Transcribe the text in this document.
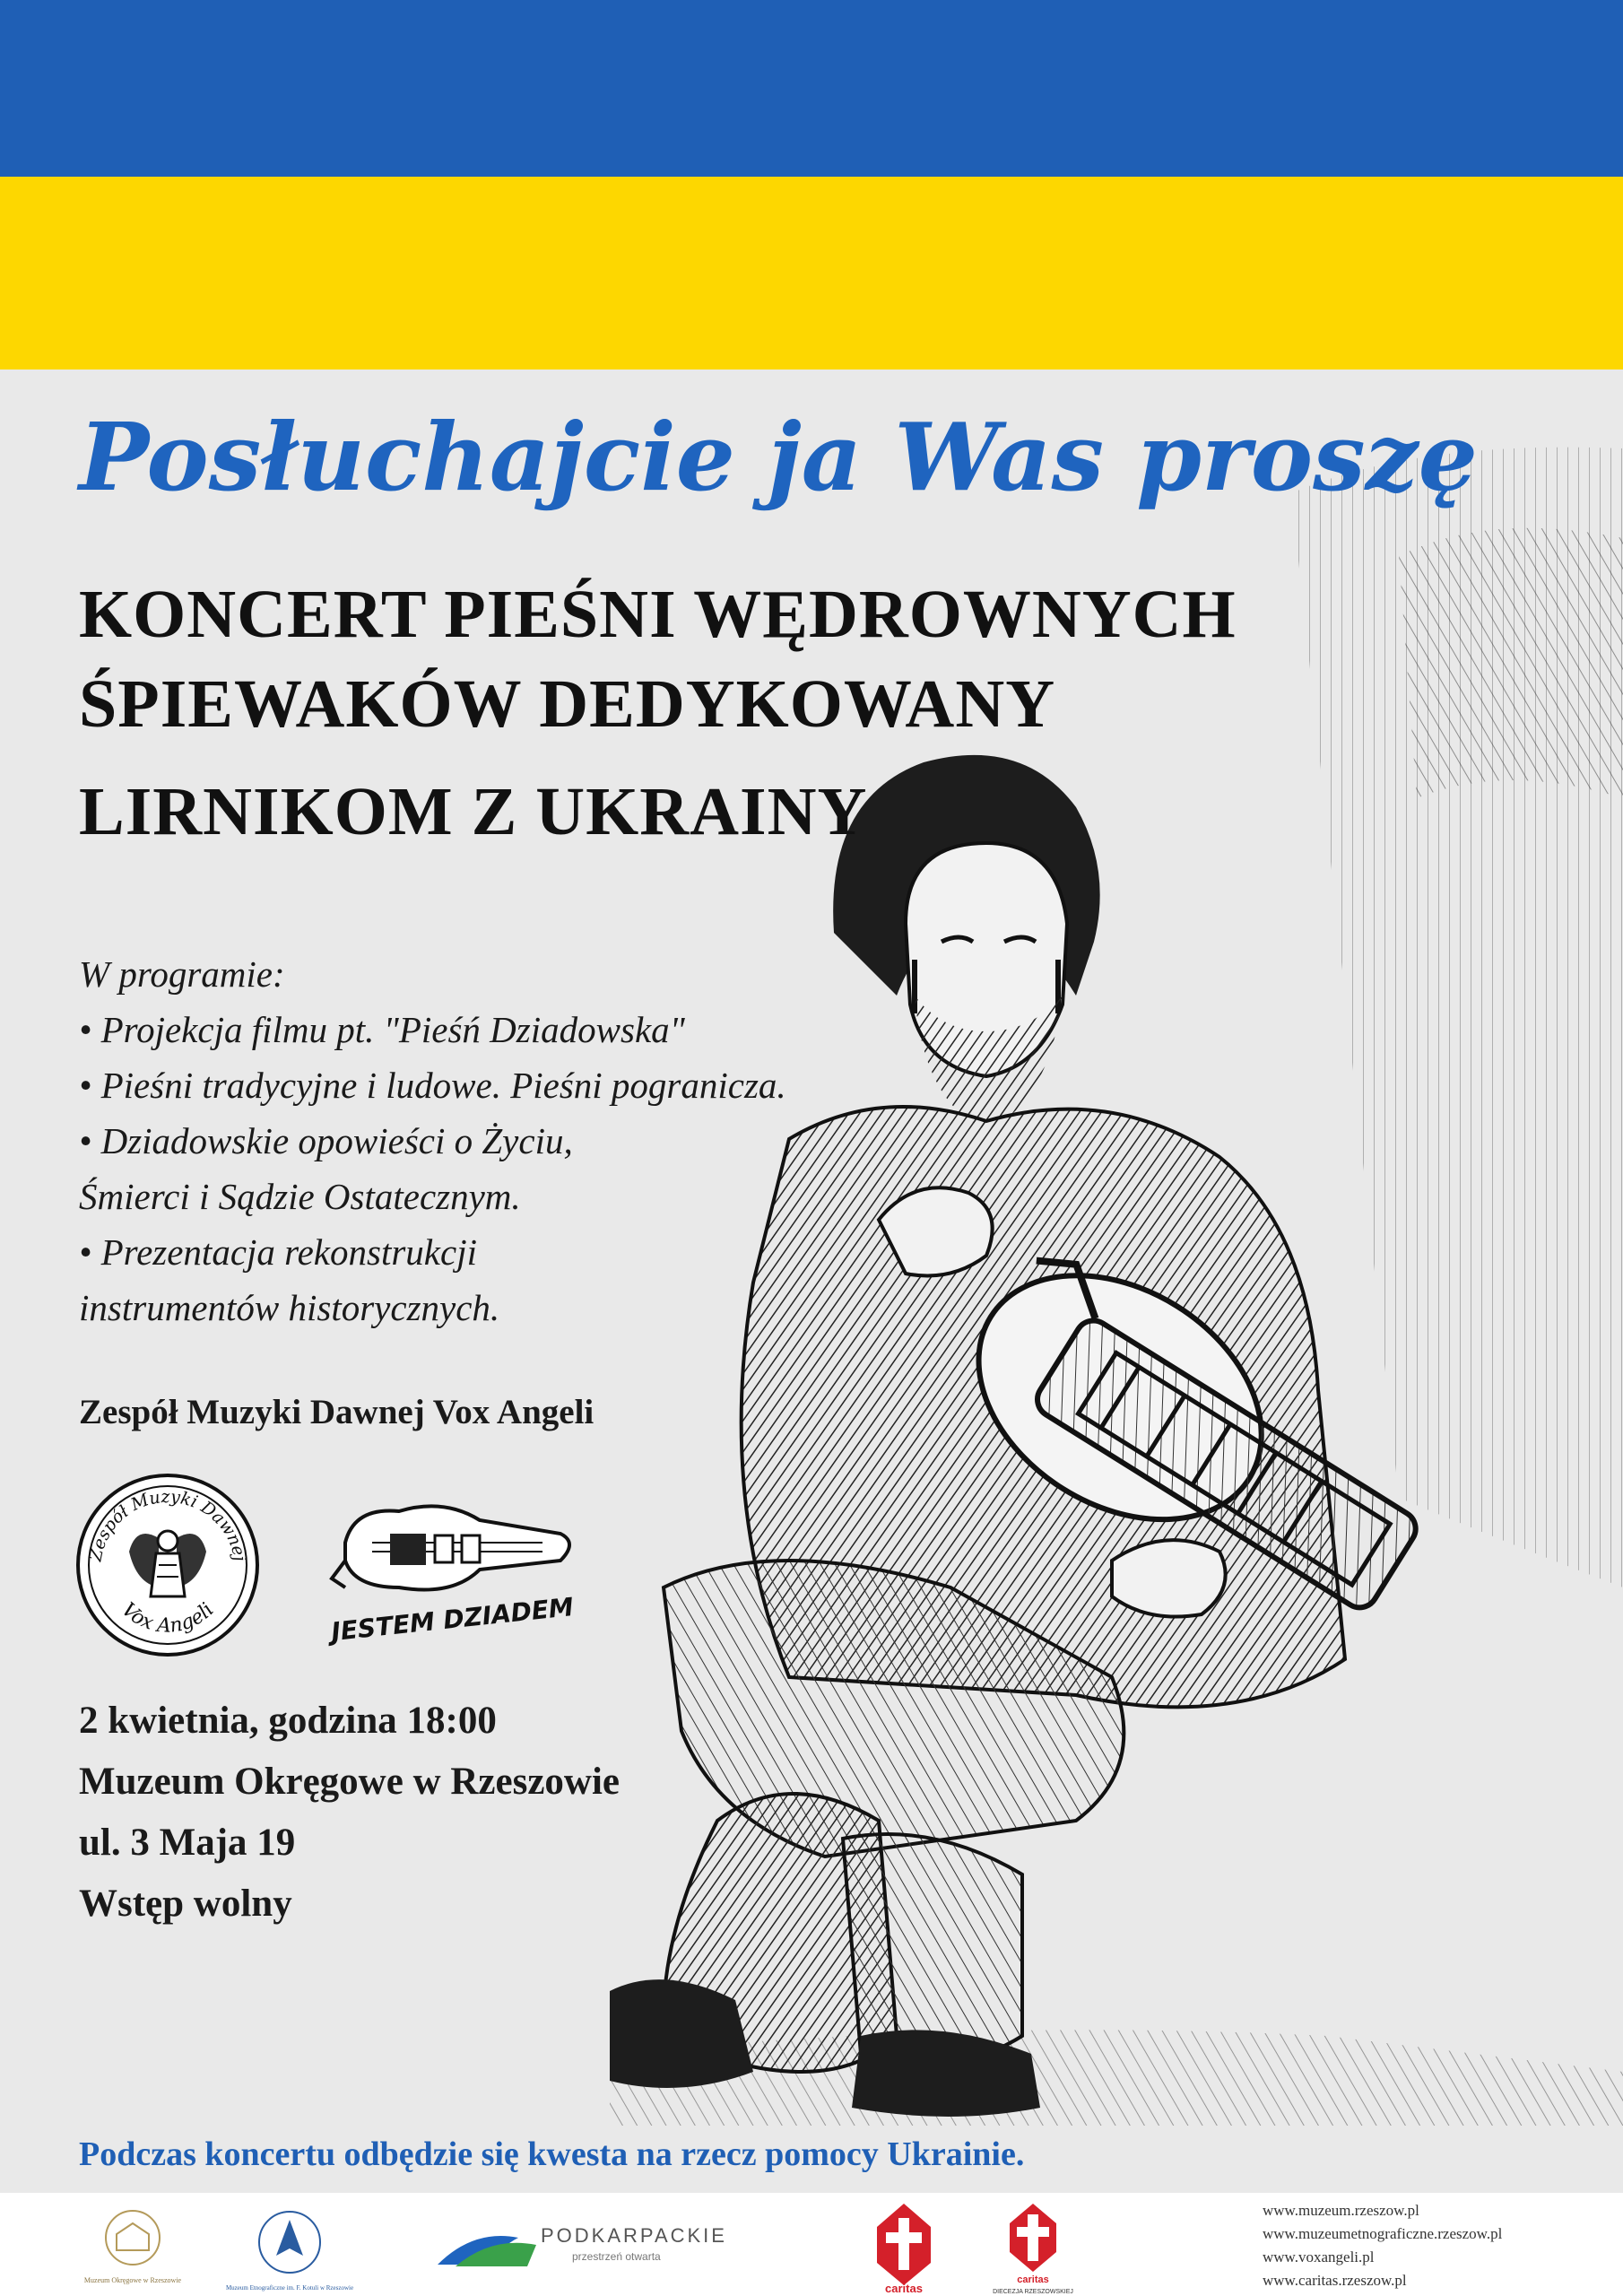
Posłuchajcie ja Was proszę
KONCERT PIEŚNI WĘDROWNYCH
ŚPIEWAKÓW DEDYKOWANY
LIRNIKOM Z UKRAINY
W programie:
• Projekcja filmu pt. "Pieśń Dziadowska"
• Pieśni tradycyjne i ludowe. Pieśni pogranicza.
• Dziadowskie opowieści o Życiu,
Śmierci i Sądzie Ostatecznym.
• Prezentacja rekonstrukcji
instrumentów historycznych.
Zespół Muzyki Dawnej Vox Angeli
Zespół Muzyki Dawnej
Vox Angeli	JESTEM DZIADEM
2 kwietnia, godzina 18:00
Muzeum Okręgowe w Rzeszowie
ul. 3 Maja 19
Wstęp wolny
Podczas koncertu odbędzie się kwesta na rzecz pomocy Ukrainie.
Muzeum Okręgowe w Rzeszowie
Muzeum Etnograficzne im. F. Kotuli w Rzeszowie
PODKARPACKIE
przestrzeń otwarta
caritas
caritas
DIECEZJA RZESZOWSKIEJ
www.muzeum.rzeszow.pl
www.muzeumetnograficzne.rzeszow.pl
www.voxangeli.pl
www.caritas.rzeszow.pl
